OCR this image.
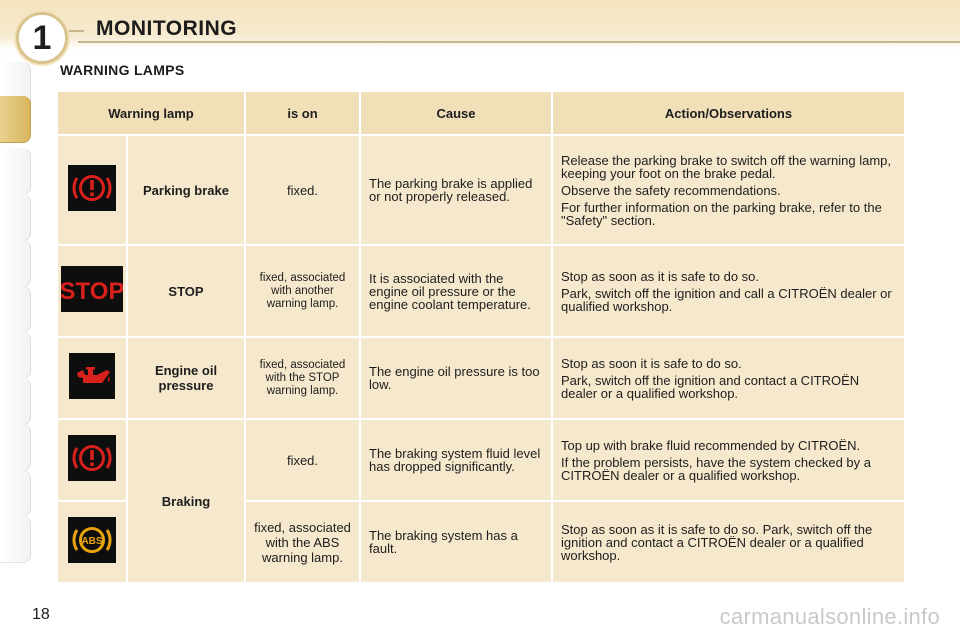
1 MONITORING
WARNING LAMPS
Warning lamp		is on	Cause	Action/Observations
	Parking brake	fixed.	The parking brake is applied or not properly released.	Release the parking brake to switch off the warning lamp, keeping your foot on the brake pedal.

Observe the safety recommendations.

For further information on the parking brake, refer to the "Safety" section.

STOP	STOP	fixed, associated with another warning lamp.	It is associated with the engine oil pressure or the engine coolant temperature.	Stop as soon as it is safe to do so.

Park, switch off the ignition and call a CITROËN dealer or qualified workshop.

	Engine oil pressure	fixed, associated with the STOP warning lamp.	The engine oil pressure is too low.	Stop as soon it is safe to do so.

Park, switch off the ignition and contact a CITROËN dealer or a qualified workshop.

	Braking	fixed.	The braking system fluid level has dropped significantly.	Top up with brake fluid recommended by CITROËN.

If the problem persists, have the system checked by a CITROËN dealer or a qualified workshop.

ABS		fixed, associated with the ABS warning lamp.	The braking system has a fault.	Stop as soon as it is safe to do so. Park, switch off the ignition and contact a CITROËN dealer or a qualified workshop.

18	carmanualsonline.info
